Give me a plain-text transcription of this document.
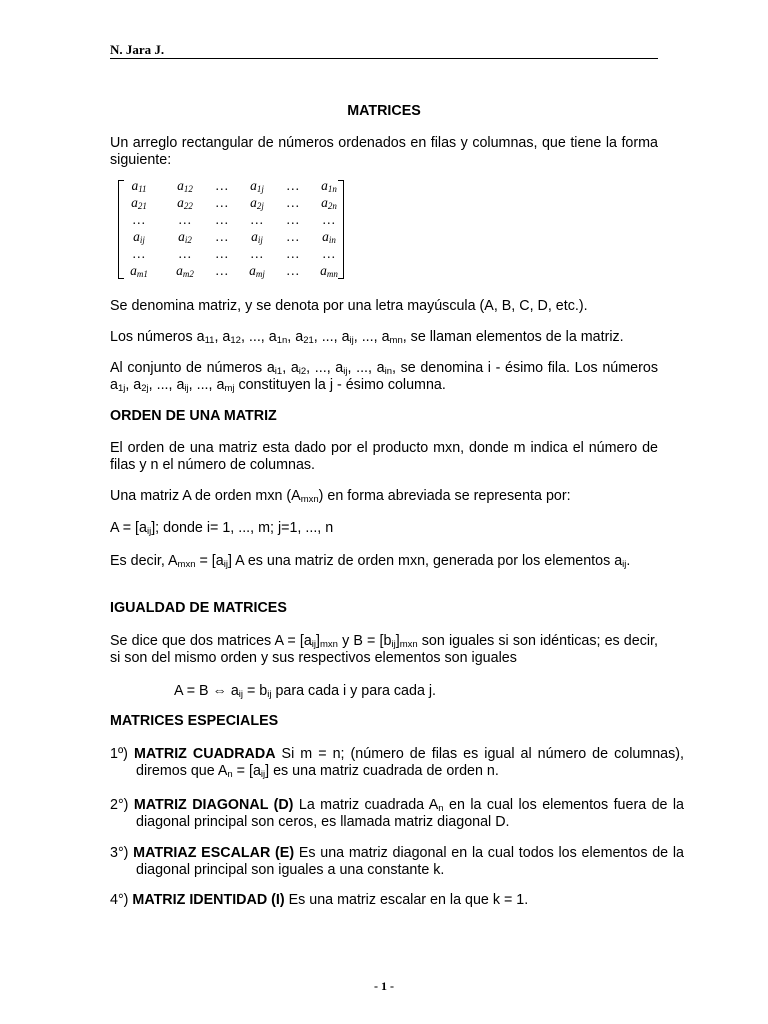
N. Jara J.
MATRICES
Un arreglo rectangular de números ordenados en filas y columnas, que tiene la forma siguiente:
$a_{11}$	$a_{12}$	…	$a_{1j}$	…	$a_{1n}$
$a_{21}$	$a_{22}$	…	$a_{2j}$	…	$a_{2n}$
…	…	…	…	…	…
$a_{ij}$	$a_{i2}$	…	$a_{ij}$	…	$a_{in}$
…	…	…	…	…	…
$a_{m1}$	$a_{m2}$	…	$a_{mj}$	…	$a_{mn}$
Se denomina matriz, y se denota por una letra mayúscula (A, B, C, D, etc.).
Los números $a_{11}$, $a_{12}$, ..., $a_{1n}$, $a_{21}$, ..., $a_{ij}$, ..., $a_{mn}$, se llaman elementos de la matriz.
Al conjunto de números $a_{i1}$, $a_{i2}$, ..., $a_{ij}$, ..., $a_{in}$, se denomina i - ésimo fila. Los números $a_{1j}$, $a_{2j}$, ..., $a_{ij}$, ..., $a_{mj}$ constituyen la j - ésimo columna.
ORDEN DE UNA MATRIZ
El orden de una matriz esta dado por el producto mxn, donde m indica el número de filas y n el número de columnas.
Una matriz A de orden mxn $(A_{mxn})$ en forma abreviada se representa por:
$A = [a_{ij}]$; donde i= 1, ..., m; j=1, ..., n
Es decir, $A_{mxn} = [a_{ij}]$ A es una matriz de orden mxn, generada por los elementos $a_{ij}$.
IGUALDAD DE MATRICES
Se dice que dos matrices $A = [a_{ij}]_{mxn}$ y $B = [b_{ij}]_{mxn}$ son iguales si son idénticas; es decir, si son del mismo orden y sus respectivos elementos son iguales
A = B ⇔ $a_{ij} = b_{ij}$ para cada i y para cada j.
MATRICES ESPECIALES
1º) MATRIZ CUADRADA Si m = n; (número de filas es igual al número de columnas), diremos que $A_n = [a_{ij}]$ es una matriz cuadrada de orden n.
2°) MATRIZ DIAGONAL (D) La matriz cuadrada $A_n$ en la cual los elementos fuera de la diagonal principal son ceros, es llamada matriz diagonal D.
3°) MATRIAZ ESCALAR (E) Es una matriz diagonal en la cual todos los elementos de la diagonal principal son iguales a una constante k.
4°) MATRIZ IDENTIDAD (I) Es una matriz escalar en la que k = 1.
- 1 -
